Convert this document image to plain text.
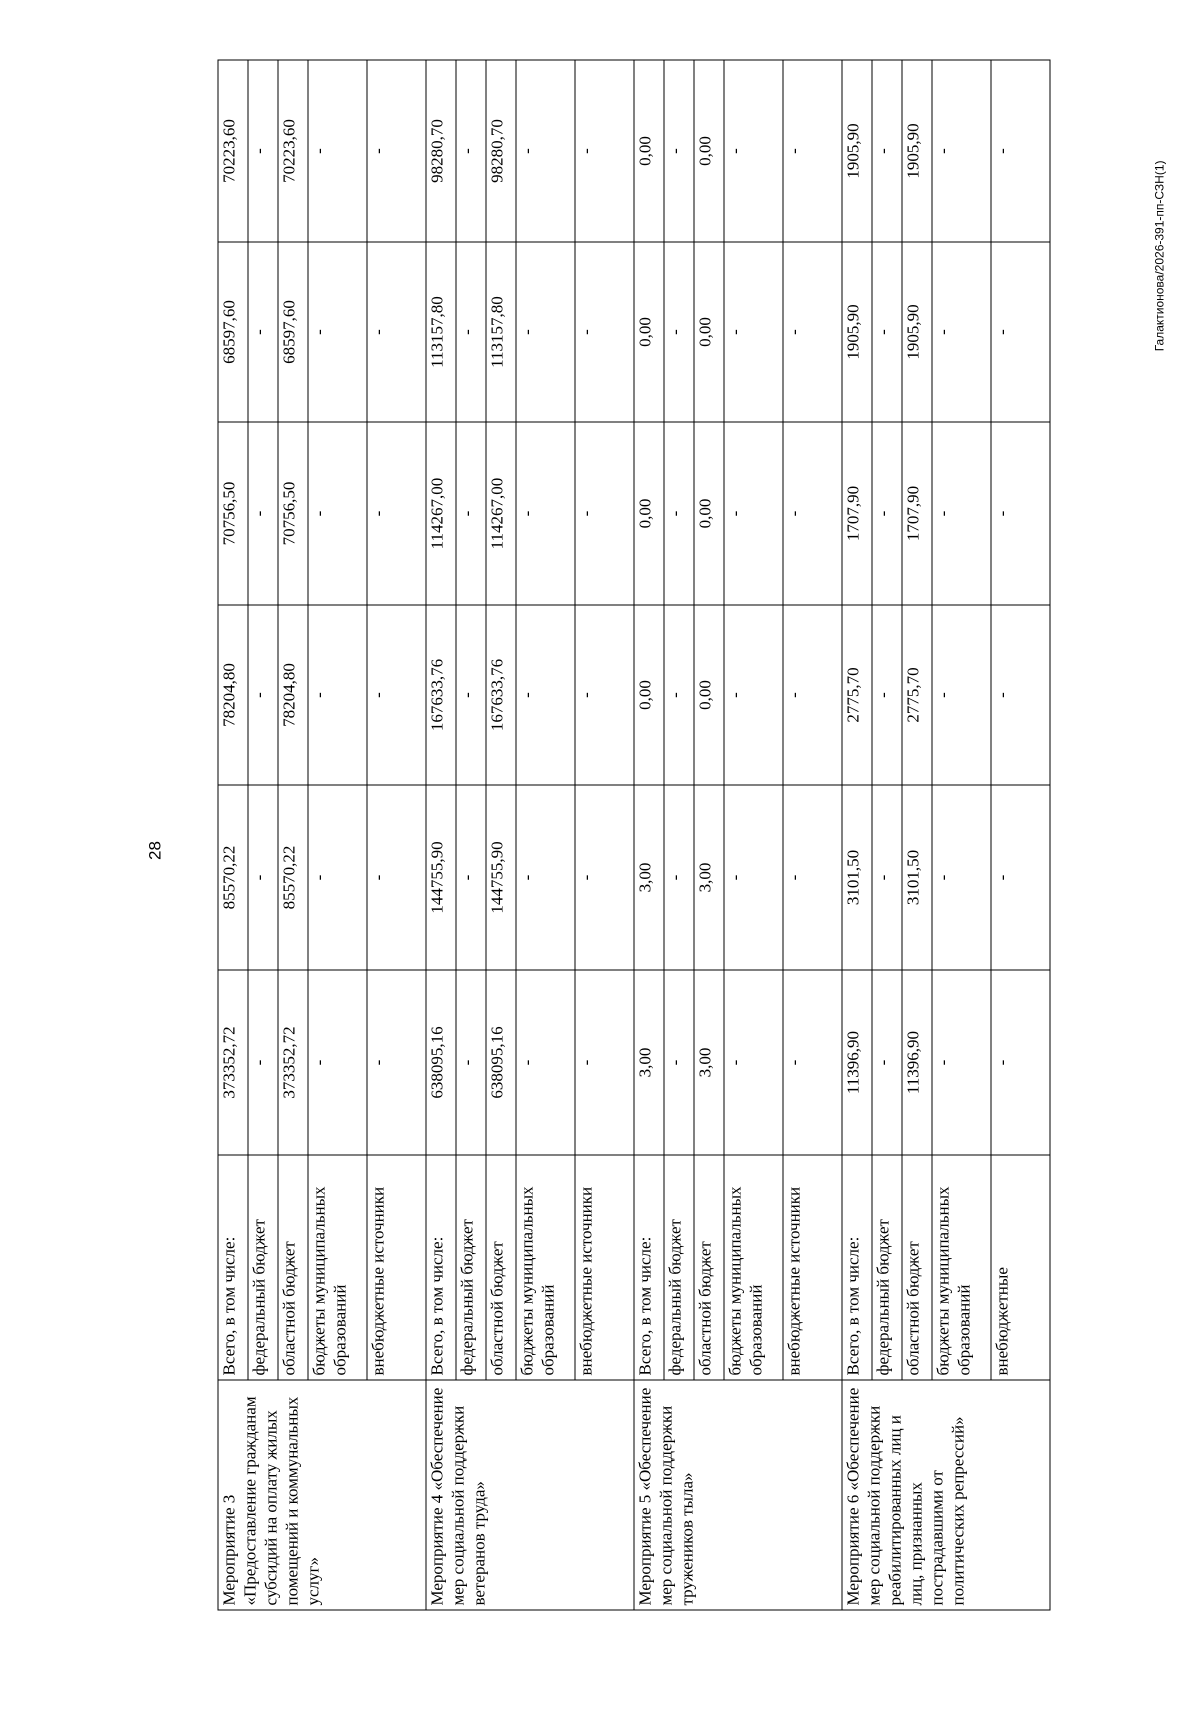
28
Мероприятие 3 «Предоставление гражданам субсидий на оплату жилых помещений и коммунальных услуг»	Всего, в том числе:	373352,72	85570,22	78204,80	70756,50	68597,60	70223,60
	федеральный бюджет	-	-	-	-	-	-
	областной бюджет	373352,72	85570,22	78204,80	70756,50	68597,60	70223,60
	бюджеты муниципальных образований	-	-	-	-	-	-
	внебюджетные источники	-	-	-	-	-	-
Мероприятие 4 «Обеспечение мер социальной поддержки ветеранов труда»	Всего, в том числе:	638095,16	144755,90	167633,76	114267,00	113157,80	98280,70
	федеральный бюджет	-	-	-	-	-	-
	областной бюджет	638095,16	144755,90	167633,76	114267,00	113157,80	98280,70
	бюджеты муниципальных образований	-	-	-	-	-	-
	внебюджетные источники	-	-	-	-	-	-
Мероприятие 5 «Обеспечение мер социальной поддержки тружеников тыла»	Всего, в том числе:	3,00	3,00	0,00	0,00	0,00	0,00
	федеральный бюджет	-	-	-	-	-	-
	областной бюджет	3,00	3,00	0,00	0,00	0,00	0,00
	бюджеты муниципальных образований	-	-	-	-	-	-
	внебюджетные источники	-	-	-	-	-	-
Мероприятие 6 «Обеспечение мер социальной поддержки реабилитированных лиц и лиц, признанных пострадавшими от политических репрессий»	Всего, в том числе:	11396,90	3101,50	2775,70	1707,90	1905,90	1905,90
	федеральный бюджет	-	-	-	-	-	-
	областной бюджет	11396,90	3101,50	2775,70	1707,90	1905,90	1905,90
	бюджеты муниципальных образований	-	-	-	-	-	-
	внебюджетные	-	-	-	-	-	-
Галактионова/2026-391-пп-СЗН(1)
